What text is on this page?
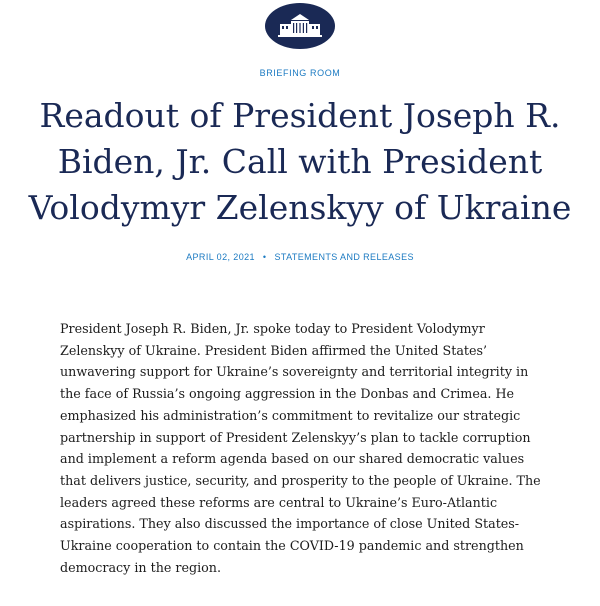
BRIEFING ROOM
Readout of President Joseph R. Biden, Jr. Call with President Volodymyr Zelenskyy of Ukraine
APRIL 02, 2021 • STATEMENTS AND RELEASES

President Joseph R. Biden, Jr. spoke today to President Volodymyr Zelenskyy of Ukraine. President Biden affirmed the United States’ unwavering support for Ukraine’s sovereignty and territorial integrity in the face of Russia’s ongoing aggression in the Donbas and Crimea. He emphasized his administration’s commitment to revitalize our strategic partnership in support of President Zelenskyy’s plan to tackle corruption and implement a reform agenda based on our shared democratic values that delivers justice, security, and prosperity to the people of Ukraine. The leaders agreed these reforms are central to Ukraine’s Euro-Atlantic aspirations. They also discussed the importance of close United States-Ukraine cooperation to contain the COVID-19 pandemic and strengthen democracy in the region.
